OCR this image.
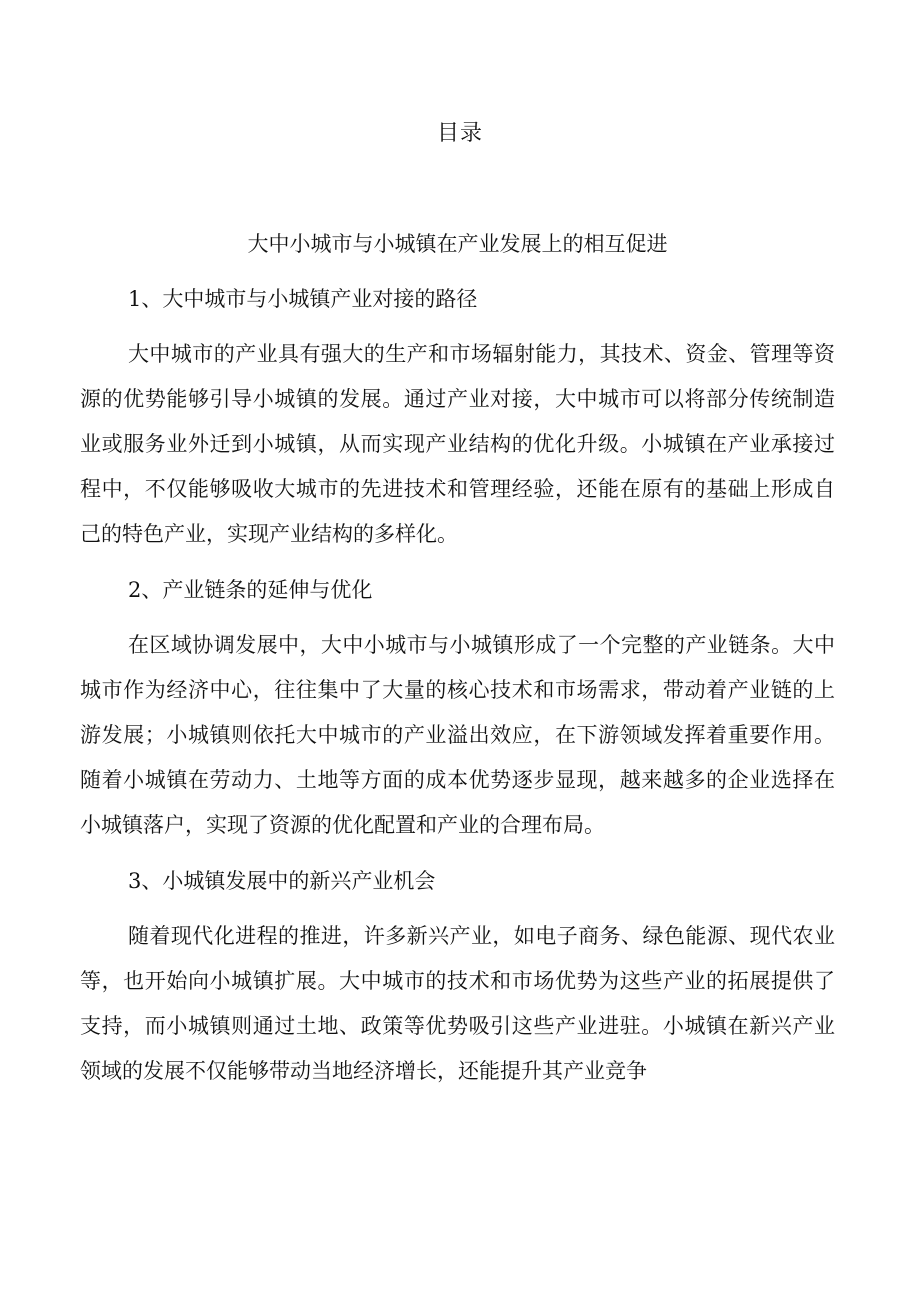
目录
大中小城市与小城镇在产业发展上的相互促进
1、大中城市与小城镇产业对接的路径
大中城市的产业具有强大的生产和市场辐射能力，其技术、资金、管理等资源的优势能够引导小城镇的发展。通过产业对接，大中城市可以将部分传统制造业或服务业外迁到小城镇，从而实现产业结构的优化升级。小城镇在产业承接过程中，不仅能够吸收大城市的先进技术和管理经验，还能在原有的基础上形成自己的特色产业，实现产业结构的多样化。
2、产业链条的延伸与优化
在区域协调发展中，大中小城市与小城镇形成了一个完整的产业链条。大中城市作为经济中心，往往集中了大量的核心技术和市场需求，带动着产业链的上游发展；小城镇则依托大中城市的产业溢出效应，在下游领域发挥着重要作用。随着小城镇在劳动力、土地等方面的成本优势逐步显现，越来越多的企业选择在小城镇落户，实现了资源的优化配置和产业的合理布局。
3、小城镇发展中的新兴产业机会
随着现代化进程的推进，许多新兴产业，如电子商务、绿色能源、现代农业等，也开始向小城镇扩展。大中城市的技术和市场优势为这些产业的拓展提供了支持，而小城镇则通过土地、政策等优势吸引这些产业进驻。小城镇在新兴产业领域的发展不仅能够带动当地经济增长，还能提升其产业竞争
